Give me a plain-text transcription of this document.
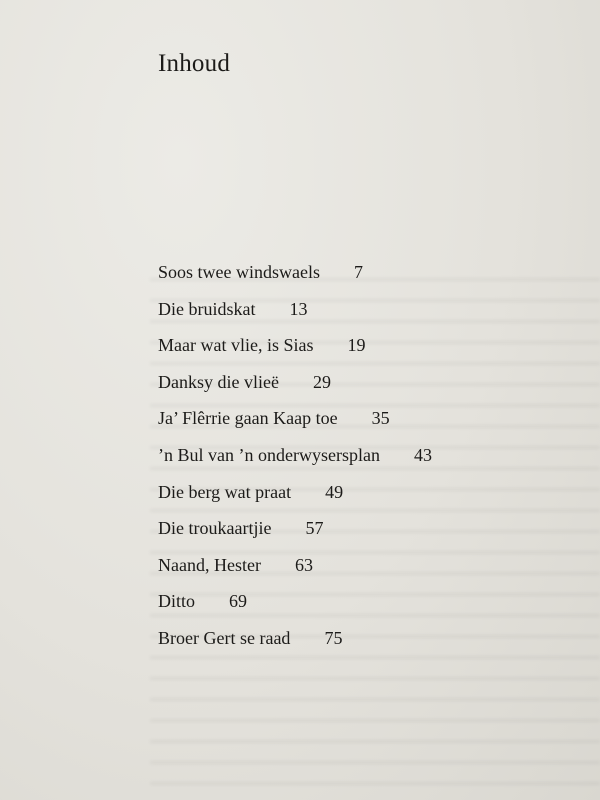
Inhoud
Soos twee windswaels 7
Die bruidskat 13
Maar wat vlie, is Sias 19
Danksy die vlieë 29
Ja’ Flêrrie gaan Kaap toe 35
’n Bul van ’n onderwysersplan 43
Die berg wat praat 49
Die troukaartjie 57
Naand, Hester 63
Ditto 69
Broer Gert se raad 75
